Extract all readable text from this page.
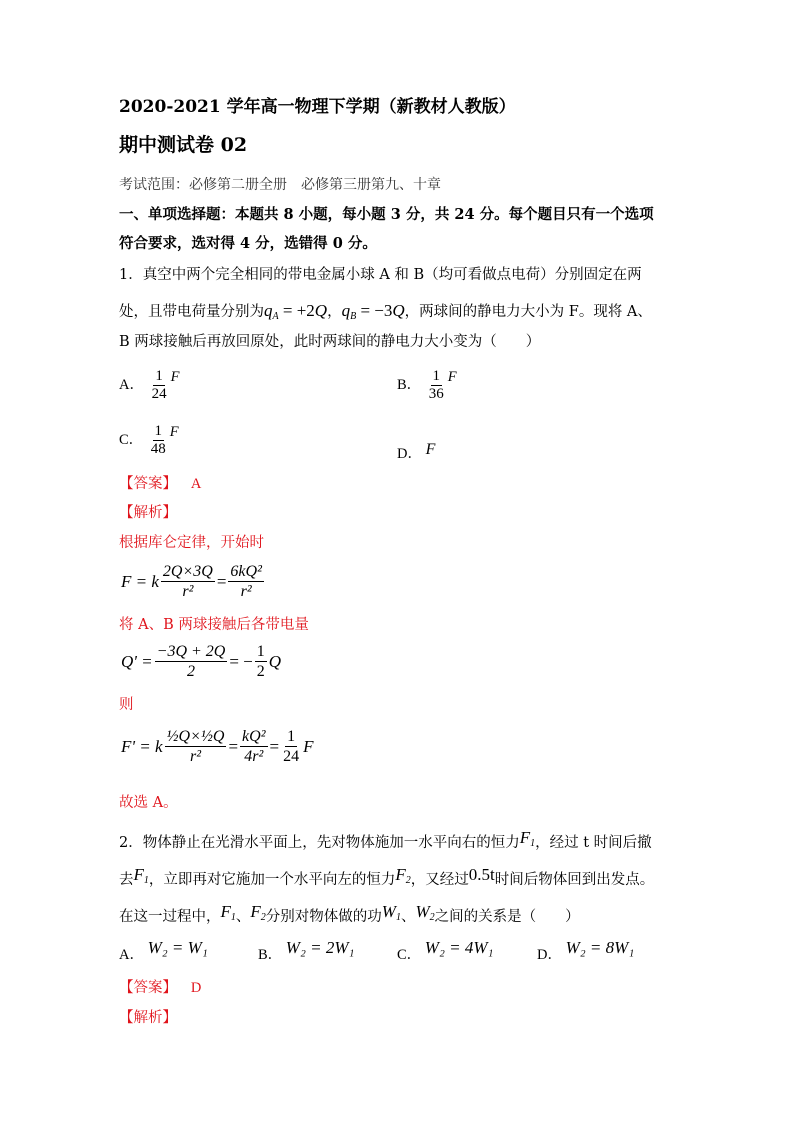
2020-2021 学年高一物理下学期（新教材人教版）
期中测试卷 02
考试范围：必修第二册全册　必修第三册第九、十章
一、单项选择题：本题共 8 小题，每小题 3 分，共 24 分。每个题目只有一个选项
符合要求，选对得 4 分，选错得 0 分。
1．真空中两个完全相同的带电金属小球 A 和 B（均可看做点电荷）分别固定在两
处，且带电荷量分别为$q_A = +2Q$，$q_B = -3Q$，两球间的静电力大小为 F。现将 A、
B 两球接触后再放回原处，此时两球间的静电力大小变为（　　）
A． $\frac{1}{24}$ F	B． $\frac{1}{36}$ F
C． $\frac{1}{48}$ F
D． F
【答案】 A
【解析】
根据库仑定律，开始时
F = k $\frac{2Q\times 3Q}{\text{r²}} = \frac{\text{6kQ²}}{\text{r²}}$
将 A、B 两球接触后各带电量
$Q' = \frac{-3Q + 2Q}{2}$ = − $\frac{1}{2}$ Q
则
F' = k $\frac{\text{½Q×½Q}}{\text{r²}} = \frac{\text{kQ²}}{\text{4r²}} = \frac{1}{24}$ F
故选 A。
2．物体静止在光滑水平面上，先对物体施加一水平向右的恒力$F_1$，经过 t 时间后撤
去$F_1$，立即再对它施加一个水平向左的恒力$F_2$，又经过0.5t时间后物体回到出发点。
在这一过程中，$F_1$、$F_2$分别对物体做的功$W_1$、$W_2$之间的关系是（　　）
A． W₂ = W₁	B． W₂ = 2W₁	C． W₂ = 4W₁	D． W₂ = 8W₁
【答案】 D
【解析】
